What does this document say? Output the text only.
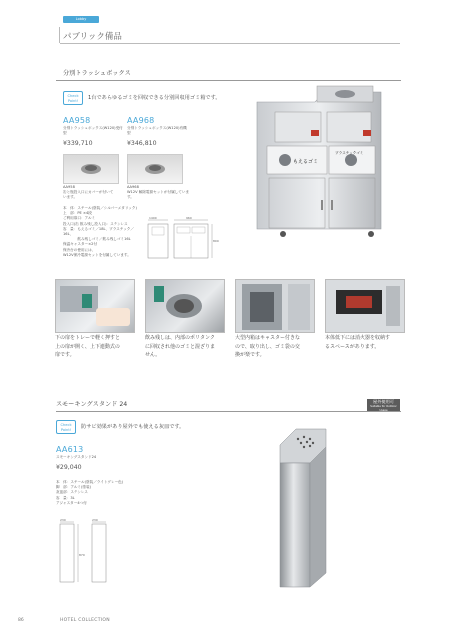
Lobby
パブリック備品
分別トラッシュボックス
Check Point!	1台であらゆるゴミを回収できる分別回収用ゴミ箱です。
AA958
分別トラッシュボックス(W120)受付型
¥339,710
AA968
分別トラッシュボックス(W120)有機型
¥346,810
AA958
缶と瓶投入口にカバーが付いて
います。
AA968
W12V 解除電源セットが付属していま
す。
本　体：スチール(塗装／シルバーメタリック)
上　部：PE ×4段
ご利用扉口：アルミ
投入口(缶 飲み残し投入口)：ステンレス
容　量：もえるゴミ／18L、プラスチック／16L、
　　　　飲み残しゴミ／飲み残しゴミ16L
保温キャスター×2付
保冷台の使用には、
W12V保冷電源セットを付属しています。
1400	960
800
もえるゴミ
プラスチックゴミ
下の扉をトレーで軽く押すと
上の扉が開く、上下連動式の
扉です。
飲み残しは、内部のポリタンク
に回収され他のゴミと混ざりま
せん。
大型内箱はキャスター付きな
ので、取り出し、ゴミ袋の交
換が楽です。
本体低下には消火器を収納す
るスペースがあります。
スモーキングスタンド 24	屋外使用可
Suitable for Outdoor Usage
Check Point!	防サビ効果があり屋外でも使える灰皿です。
AA613
スモーキングスタンド24
¥29,040
本　体：スチール(塗装／ライトグレー色)
脚　部：アルミ(塗装)
灰皿部：ステンレス
容　量：3L
アジャスター4つ付
230	230
870
86	HOTEL COLLECTION
